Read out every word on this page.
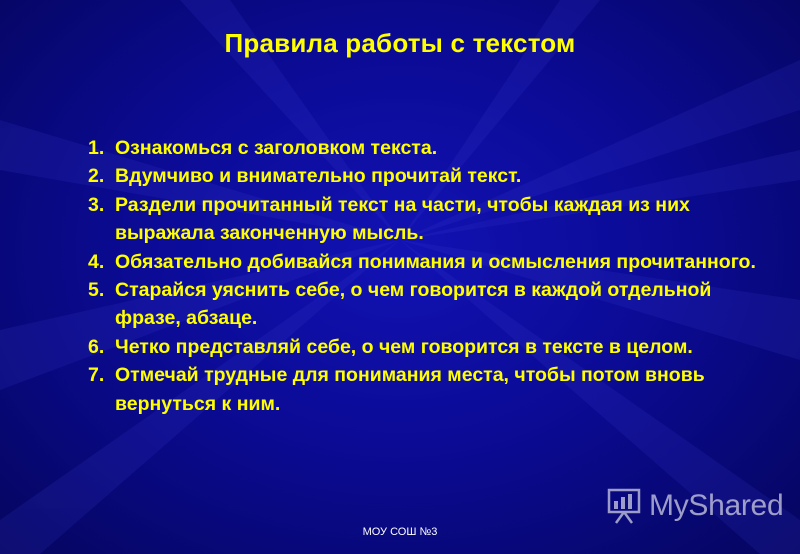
Правила работы с текстом
1. Ознакомься с заголовком текста.
2. Вдумчиво и внимательно прочитай текст.
3. Раздели прочитанный текст на части, чтобы каждая из них выражала законченную мысль.
4. Обязательно добивайся понимания и осмысления прочитанного.
5. Старайся уяснить себе, о чем говорится в каждой отдельной фразе, абзаце.
6. Четко представляй себе, о чем говорится в тексте в целом.
7. Отмечай трудные для понимания места, чтобы потом вновь вернуться к ним.
MyShared
МОУ СОШ №3
